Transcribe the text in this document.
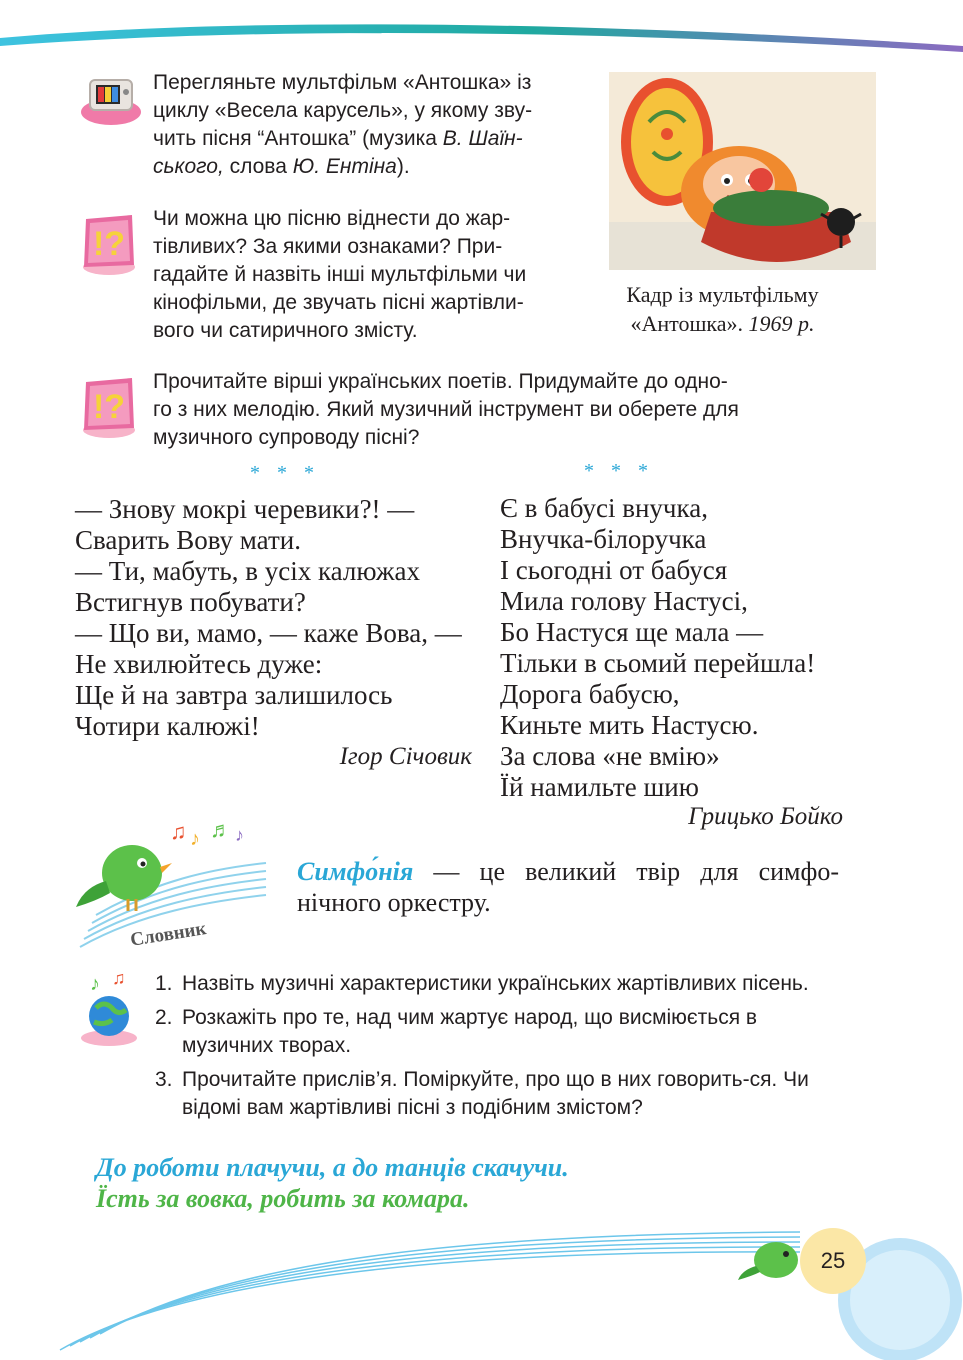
Перегляньте мультфільм «Антошка» із
циклу «Весела карусель», у якому зву-
чить пісня “Антошка” (музика В. Шаїн-
ського, слова Ю. Ентіна).
!?
Чи можна цю пісню віднести до жар-
тівливих? За якими ознаками? При-
гадайте й назвіть інші мультфільми чи
кінофільми, де звучать пісні жартівли-
вого чи сатиричного змісту.
Кадр із мультфільму
«Антошка». 1969 р.
!?
Прочитайте вірші українських поетів. Придумайте до одно-
го з них мелодію. Який музичний інструмент ви оберете для
музичного супроводу пісні?
* * *
— Знову мокрі черевики?! —
Сварить Вову мати.
— Ти, мабуть, в усіх калюжах
Встигнув побувати?
— Що ви, мамо, — каже Вова, —
Не хвилюйтесь дуже:
Ще й на завтра залишилось
Чотири калюжі!
Ігор Січовик
* * *
Є в бабусі внучка,
Внучка-білоручка
І сьогодні от бабуся
Мила голову Настусі,
Бо Настуся ще мала —
Тільки в сьомий перейшла!
Дорога бабусю,
Киньте мить Настусю.
За слова «не вмію»
Їй намильте шию
Грицько Бойко
♫ ♪ ♬ ♪
Словник
Симфо́нія — це великий твір для симфо-нічного оркестру.
♪ ♫ 1. Назвіть музичні характеристики українських жартівливих пісень.
2. Розкажіть про те, над чим жартує народ, що висміюється в музичних творах.
3. Прочитайте прислів’я. Поміркуйте, про що в них говорить-ся. Чи відомі вам жартівливі пісні з подібним змістом?
До роботи плачучи, а до танців скачучи.
Їсть за вовка, робить за комара.
25
